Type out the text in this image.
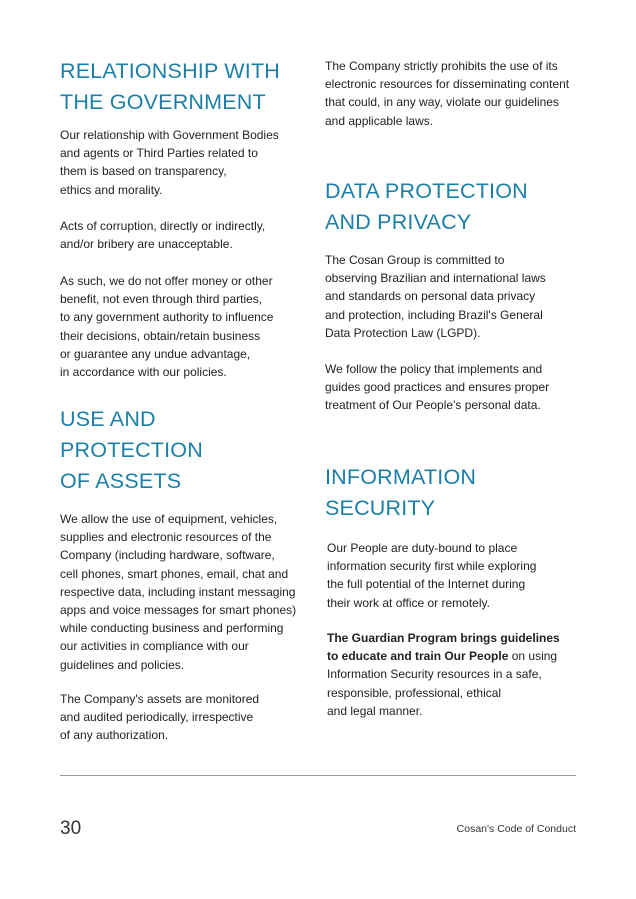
RELATIONSHIP WITH
THE GOVERNMENT

Our relationship with Government Bodies
and agents or Third Parties related to
them is based on transparency,
ethics and morality.

Acts of corruption, directly or indirectly,
and/or bribery are unacceptable.

As such, we do not offer money or other
benefit, not even through third parties,
to any government authority to influence
their decisions, obtain/retain business
or guarantee any undue advantage,
in accordance with our policies.

USE AND
PROTECTION
OF ASSETS

We allow the use of equipment, vehicles,
supplies and electronic resources of the
Company (including hardware, software,
cell phones, smart phones, email, chat and
respective data, including instant messaging
apps and voice messages for smart phones)
while conducting business and performing
our activities in compliance with our
guidelines and policies.

The Company's assets are monitored
and audited periodically, irrespective
of any authorization.

The Company strictly prohibits the use of its
electronic resources for disseminating content
that could, in any way, violate our guidelines
and applicable laws.

DATA PROTECTION
AND PRIVACY

The Cosan Group is committed to
observing Brazilian and international laws
and standards on personal data privacy
and protection, including Brazil's General
Data Protection Law (LGPD).

We follow the policy that implements and
guides good practices and ensures proper
treatment of Our People's personal data.

INFORMATION
SECURITY

Our People are duty-bound to place
information security first while exploring
the full potential of the Internet during
their work at office or remotely.

The Guardian Program brings guidelines
to educate and train Our People on using
Information Security resources in a safe,
responsible, professional, ethical
and legal manner.

30	Cosan's Code of Conduct
